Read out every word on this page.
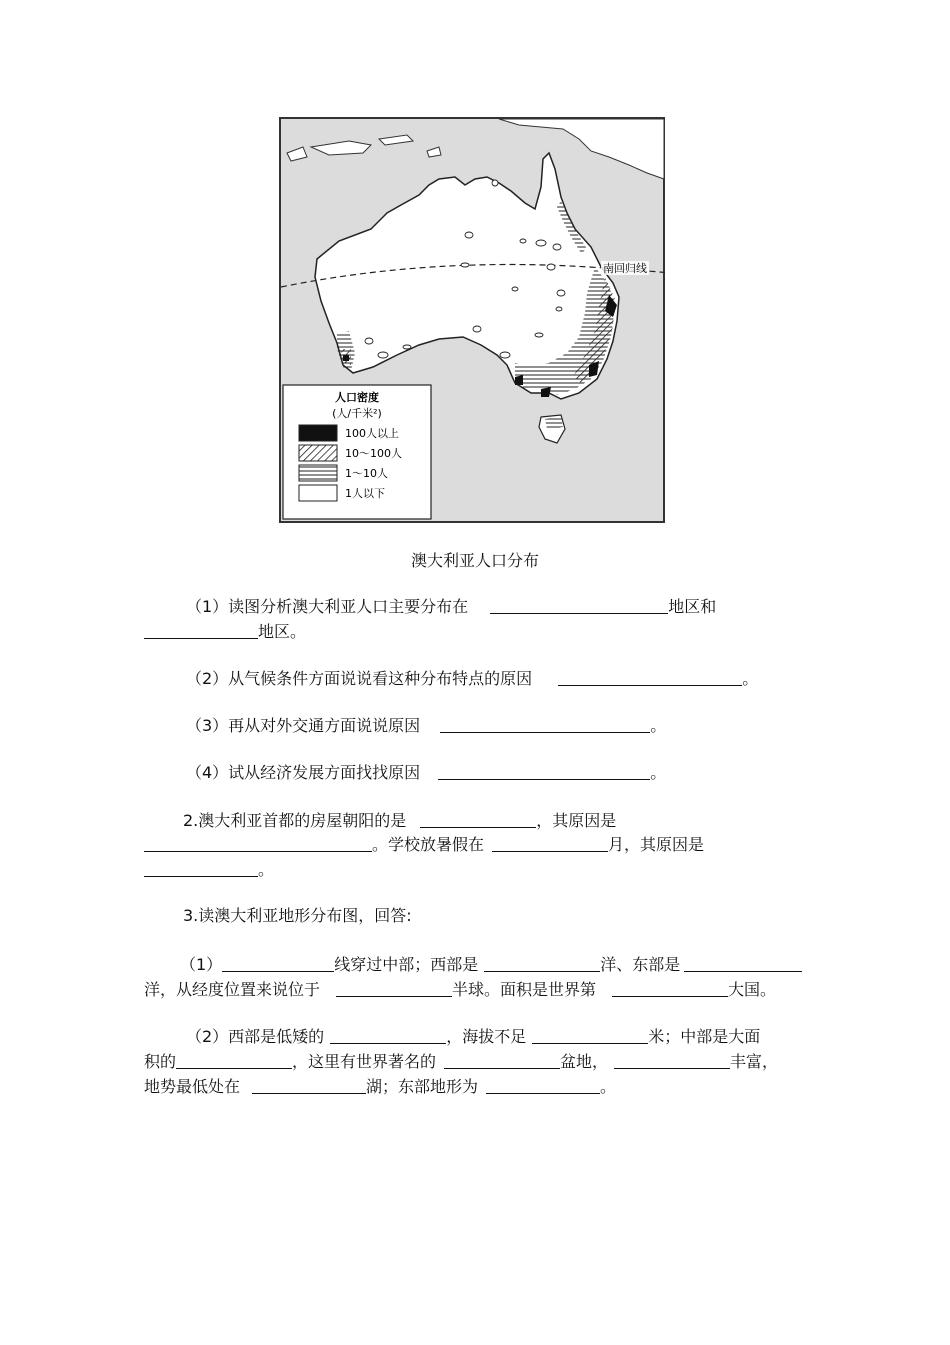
南回归线
人口密度
(人/千米²)
100人以上
10～100人
1～10人
1人以下
澳大利亚人口分布
（1）读图分析澳大利亚人口主要分布在	地区和
地区。
（2）从气候条件方面说说看这种分布特点的原因	。
（3）再从对外交通方面说说原因	。
（4）试从经济发展方面找找原因	。
2.澳大利亚首都的房屋朝阳的是	，其原因是
。学校放暑假在	月，其原因是
。
3.读澳大利亚地形分布图，回答:
（1）	线穿过中部；西部是	洋、东部是
洋，从经度位置来说位于	半球。面积是世界第	大国。
（2）西部是低矮的	，海拔不足	米；中部是大面
积的	，这里有世界著名的	盆地，	丰富，
地势最低处在	湖；东部地形为	。
